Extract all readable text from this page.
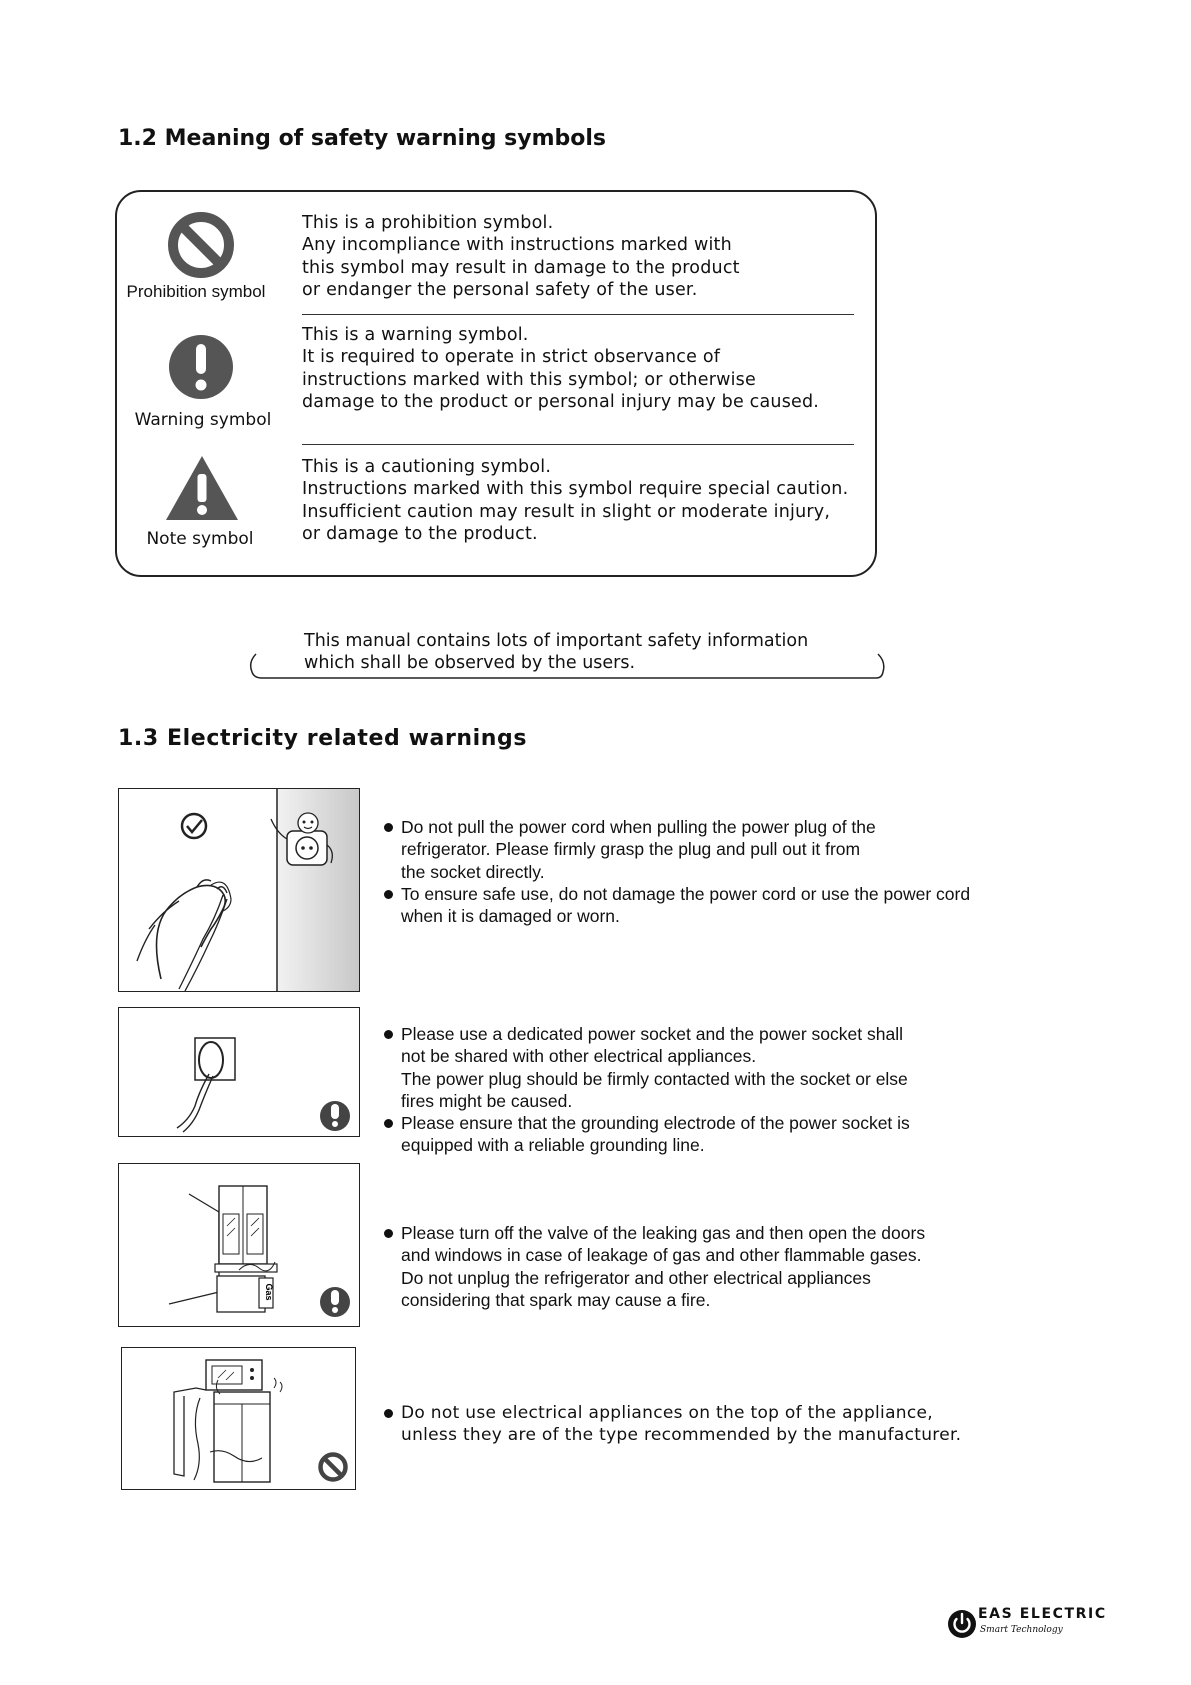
1.2 Meaning of safety warning symbols
Prohibition symbol
This is a prohibition symbol.
Any incompliance with instructions marked with
this symbol may result in damage to the product
or endanger the personal safety of the user.
Warning symbol
This is a warning symbol.
It is required to operate in strict observance of
instructions marked with this symbol; or otherwise
damage to the product or personal injury may be caused.
Note symbol
This is a cautioning symbol.
Instructions marked with this symbol require special caution.
Insufficient caution may result in slight or moderate injury,
or damage to the product.
This manual contains lots of important safety information
which shall be observed by the users.
1.3 Electricity related warnings
Do not pull the power cord when pulling the power plug of the
refrigerator. Please firmly grasp the plug and pull out it from
the socket directly.
To ensure safe use, do not damage the power cord or use the power cord
when it is damaged or worn.
Please use a dedicated power socket and the power socket shall
not be shared with other electrical appliances.
The power plug should be firmly contacted with the socket or else
fires might be caused.
Please ensure that the grounding electrode of the power socket is
equipped with a reliable grounding line.
Gas
Please turn off the valve of the leaking gas and then open the doors
and windows in case of leakage of gas and other flammable gases.
Do not unplug the refrigerator and other electrical appliances
considering that spark may cause a fire.
Do not use electrical appliances on the top of the appliance,
unless they are of the type recommended by the manufacturer.
EAS ELECTRIC
Smart Technology
